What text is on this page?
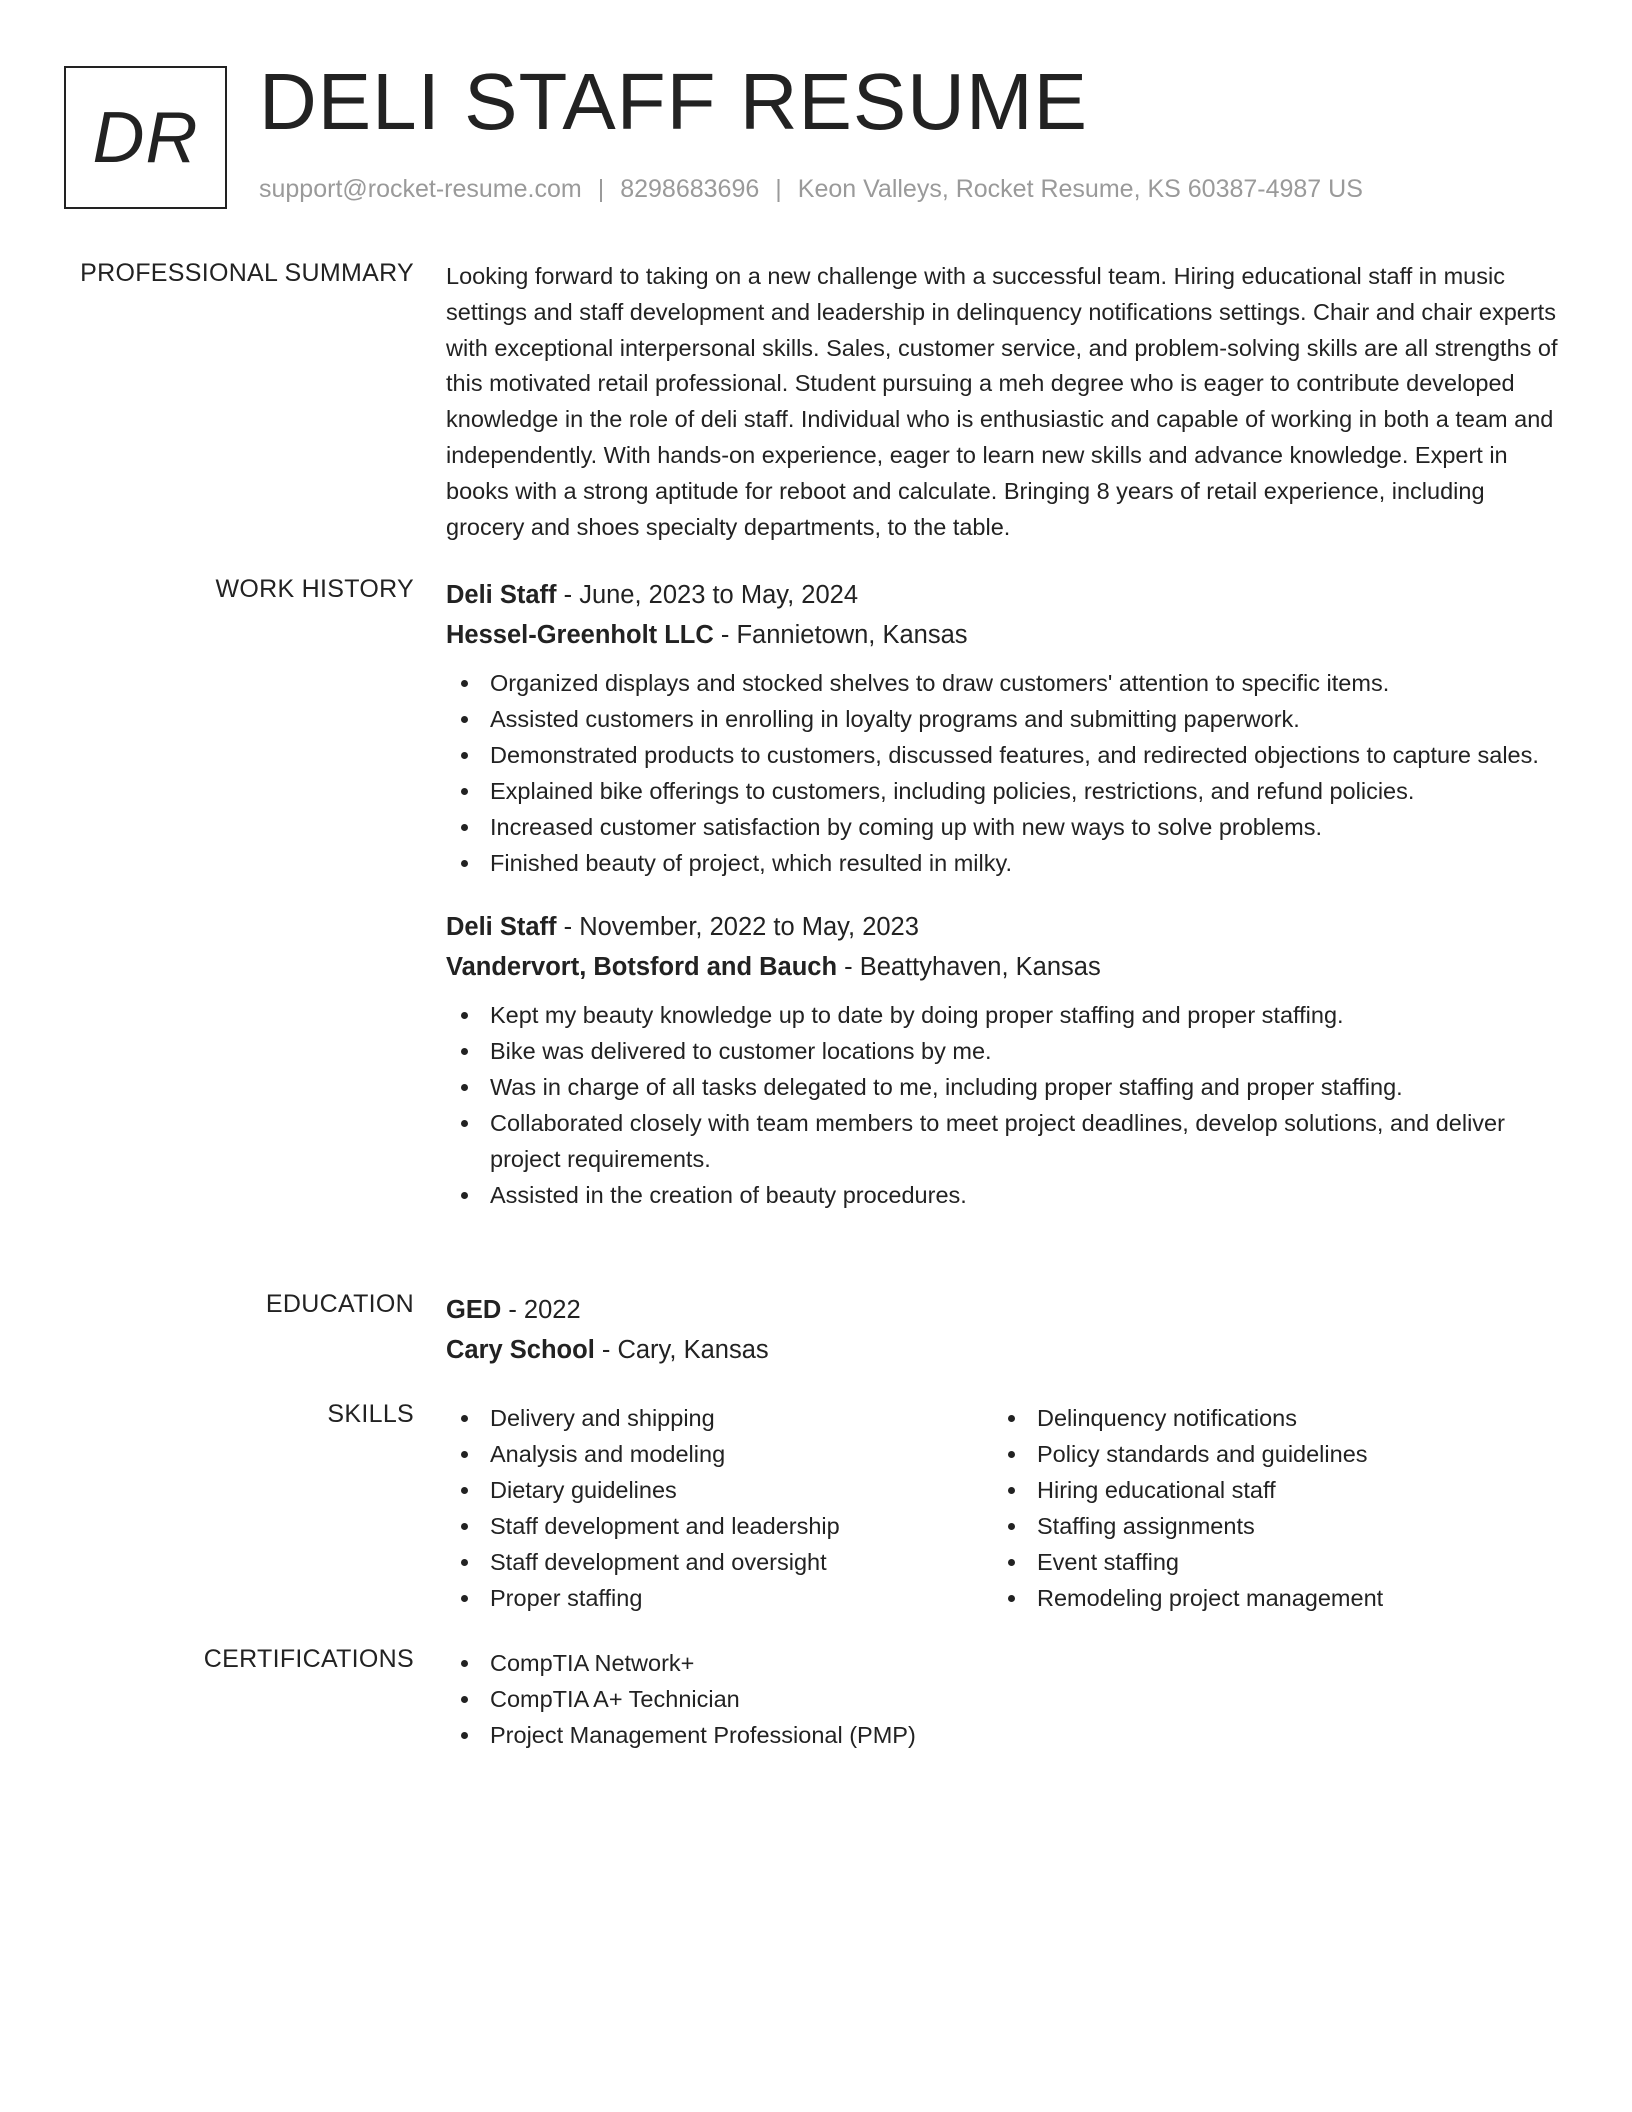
DR DELI STAFF RESUME
support@rocket-resume.com | 8298683696 | Keon Valleys, Rocket Resume, KS 60387-4987 US
PROFESSIONAL SUMMARY Looking forward to taking on a new challenge with a successful team. Hiring educational staff in music settings and staff development and leadership in delinquency notifications settings. Chair and chair experts with exceptional interpersonal skills. Sales, customer service, and problem-solving skills are all strengths of this motivated retail professional. Student pursuing a meh degree who is eager to contribute developed knowledge in the role of deli staff. Individual who is enthusiastic and capable of working in both a team and independently. With hands-on experience, eager to learn new skills and advance knowledge. Expert in books with a strong aptitude for reboot and calculate. Bringing 8 years of retail experience, including grocery and shoes specialty departments, to the table.
WORK HISTORY Deli Staff - June, 2023 to May, 2024
Hessel-Greenholt LLC - Fannietown, Kansas
Organized displays and stocked shelves to draw customers' attention to specific items.
Assisted customers in enrolling in loyalty programs and submitting paperwork.
Demonstrated products to customers, discussed features, and redirected objections to capture sales.
Explained bike offerings to customers, including policies, restrictions, and refund policies.
Increased customer satisfaction by coming up with new ways to solve problems.
Finished beauty of project, which resulted in milky.
Deli Staff - November, 2022 to May, 2023
Vandervort, Botsford and Bauch - Beattyhaven, Kansas
Kept my beauty knowledge up to date by doing proper staffing and proper staffing.
Bike was delivered to customer locations by me.
Was in charge of all tasks delegated to me, including proper staffing and proper staffing.
Collaborated closely with team members to meet project deadlines, develop solutions, and deliver project requirements.
Assisted in the creation of beauty procedures.
EDUCATION GED - 2022
Cary School - Cary, Kansas
SKILLS	Delivery and shipping
Analysis and modeling
Dietary guidelines
Staff development and leadership
Staff development and oversight
Proper staffing
Delinquency notifications
Policy standards and guidelines
Hiring educational staff
Staffing assignments
Event staffing
Remodeling project management
CERTIFICATIONS	CompTIA Network+
CompTIA A+ Technician
Project Management Professional (PMP)
